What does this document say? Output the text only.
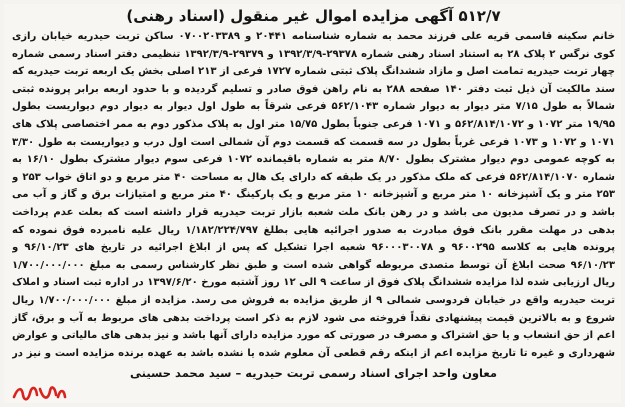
۵۱۲/۷ آگهی مزایده اموال غیر منقول (اسناد رهنی)

خانم سکینه قاسمی قریه علی فرزند محمد به شماره شناسنامه ۲۰۴۴۱ و ۰۷۰۰۲۰۳۳۸۹ ساکن تربت حیدریه خیابان رازی کوی نرگس ۲ پلاک ۲۸ به استناد اسناد رهنی شماره ۲۹۳۷۸-۱۳۹۲/۳/۹ و ۲۹۳۷۹-۱۳۹۲/۳/۹ تنظیمی دفتر اسناد رسمی شماره چهار تربت حیدریه تمامت اصل و مازاد ششدانگ پلاک ثبتی شماره ۱۷۲۷ فرعی از ۲۱۳ اصلی بخش یک اربعه تربت حیدریه که سند مالکیت آن ذیل ثبت دفتر ۱۴۰ صفحه ۲۸۸ به نام راهن فوق صادر و تسلیم گردیده و با حدود اربعه برابر پرونده ثبتی شمالاً به طول ۷/۱۵ متر دیوار به دیوار شماره ۵۶۲/۱۰۴۳ فرعی شرقاً به طول اول دیوار به دیوار دوم دیواریست بطول ۱۹/۹۵ متر ۱۰۷۲ و ۵۶۲/۸۱۴/۱۰۷۲ و ۱۰۷۱ فرعی جنوباً بطول ۱۵/۷۵ متر اول به پلاک مذکور دوم به ممر اختصاصی پلاک های ۱۰۷۱ و ۱۰۷۲ و ۱۰۷۳ فرعی غرباً بطول در سه قسمت که قسمت دوم آن شمالی است اول درب و دیواریست به طول ۳/۳۰ به کوچه عمومی دوم دیوار مشترک بطول ۸/۷۰ متر به شماره باقیمانده ۱۰۷۲ فرعی سوم دیوار مشترک بطول ۱۶/۱۰ به شماره ۵۶۲/۸۱۴/۱۰۷۰ فرعی که ملک مذکور در یک طبقه که دارای یک هال به مساحت ۴۰ متر مربع و دو اتاق خواب ۲۵۳ و ۲۵۳ متر و یک آشپزخانه ۱۰ متر مربع و آشپزخانه ۱۰ متر مربع و یک پارکینگ ۴۰ متر مربع و امتیازات برق و گاز و آب می باشد و در تصرف مدیون می باشد و در رهن بانک ملت شعبه بازار تربت حیدریه قرار داشته است که بعلت عدم پرداخت بدهی در مهلت مقرر بانک فوق مبادرت به صدور اجرائیه هایی بطلغ ۱/۱۸۲/۲۲۴/۷۹۷ ریال علیه نامبرده فوق نموده که پرونده هایی به کلاسه ۹۶۰۰۲۹۵ و ۹۶۰۰۰۳۰۰۷۸ شعبه اجرا تشکیل که پس از ابلاغ اجرائیه در تاریخ های ۹۶/۱۰/۲۳ و ۹۶/۱۰/۲۳ صحت ابلاغ آن توسط متصدی مربوطه گواهی شده است و طبق نظر کارشناس رسمی به مبلغ ۱/۷۰۰/۰۰۰/۰۰۰ ریال ارزیابی شده لذا مزایده ششدانگ پلاک فوق از ساعت ۹ الی ۱۲ روز آشتبه مورخ ۱۳۹۷/۶/۲۰ در اداره ثبت اسناد و املاک تربت حیدریه واقع در خیابان فردوسی شمالی ۹ از طریق مزایده به فروش می رسد. مزایده از مبلغ ۱/۷۰۰/۰۰۰/۰۰۰ ریال شروع و به بالاترین قیمت پیشنهادی نقداً فروخته می شود لازم به ذکر است پرداخت بدهی های مربوط به آب و برق، گاز اعم از حق انشعاب و یا حق اشتراک و مصرف در صورتی که مورد مزایده دارای آنها باشد و نیز بدهی های مالیاتی و عوارض شهرداری و غیره تا تاریخ مزایده اعم از اینکه رقم قطعی آن معلوم شده یا نشده باشد به عهده برنده مزایده است و نیز در

معاون واحد اجرای اسناد رسمی تربت حیدریه – سید محمد حسینی
